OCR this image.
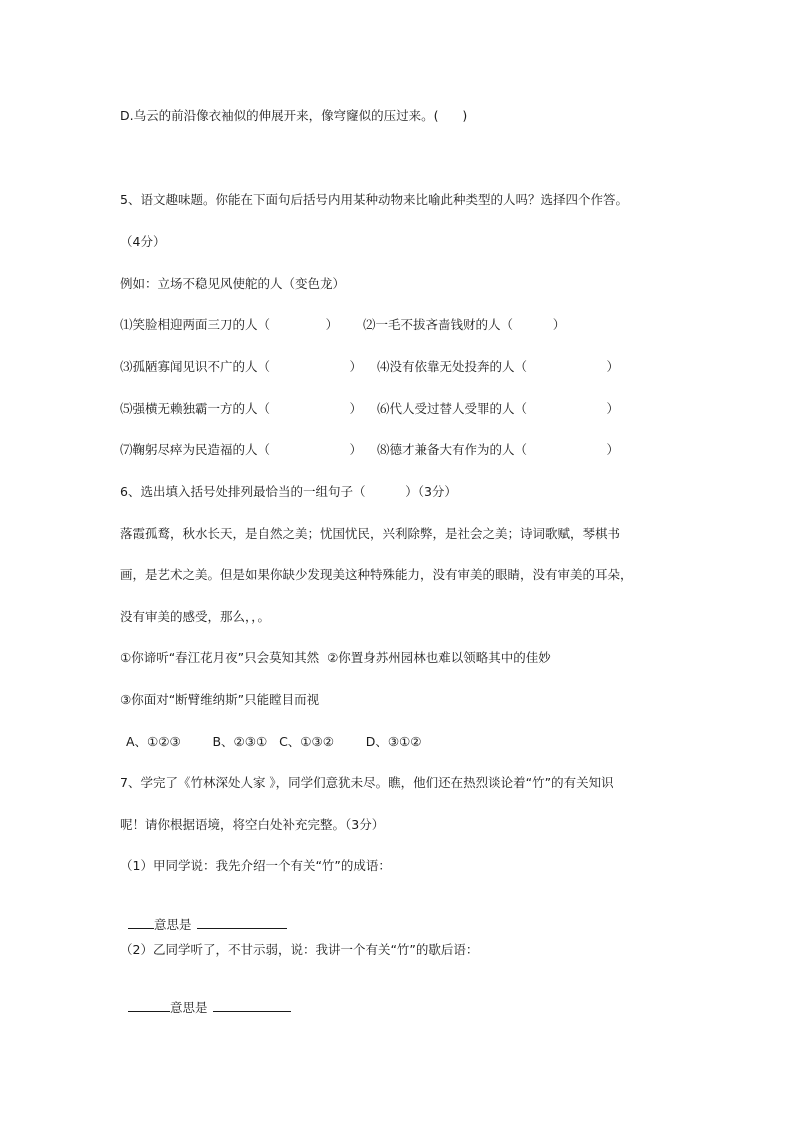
D.乌云的前沿像衣袖似的伸展开来，像穹窿似的压过来。(      )
5、语文趣味题。你能在下面句后括号内用某种动物来比喻此种类型的人吗？选择四个作答。
（4分）
例如：立场不稳见风使舵的人（变色龙）
⑴笑脸相迎两面三刀的人（              ） ⑵一毛不拔吝啬钱财的人（          ）
⑶孤陋寡闻见识不广的人（                    ） ⑷没有依靠无处投奔的人（                    ）
⑸强横无赖独霸一方的人（                    ） ⑹代人受过替人受罪的人（                    ）
⑺鞠躬尽瘁为民造福的人（                    ） ⑻德才兼备大有作为的人（                    ）
6、选出填入括号处排列最恰当的一组句子（          ）（3分）
落霞孤鹜，秋水长天，是自然之美；忧国忧民，兴利除弊，是社会之美；诗词歌赋，琴棋书
画，是艺术之美。但是如果你缺少发现美这种特殊能力，没有审美的眼睛，没有审美的耳朵，
没有审美的感受，那么，，。
①你谛听“春江花月夜”只会莫知其然  ②你置身苏州园林也难以领略其中的佳妙
③你面对“断臂维纳斯”只能瞠目而视
A、①②③        B、②③①   C、①③②        D、③①②
7、学完了《竹林深处人家 》，同学们意犹未尽。瞧，他们还在热烈谈论着“竹”的有关知识
呢！请你根据语境，将空白处补充完整。（3分）
（1）甲同学说：我先介绍一个有关“竹”的成语：

意思是

（2）乙同学听了，不甘示弱，说：我讲一个有关“竹”的歇后语：

意思是
